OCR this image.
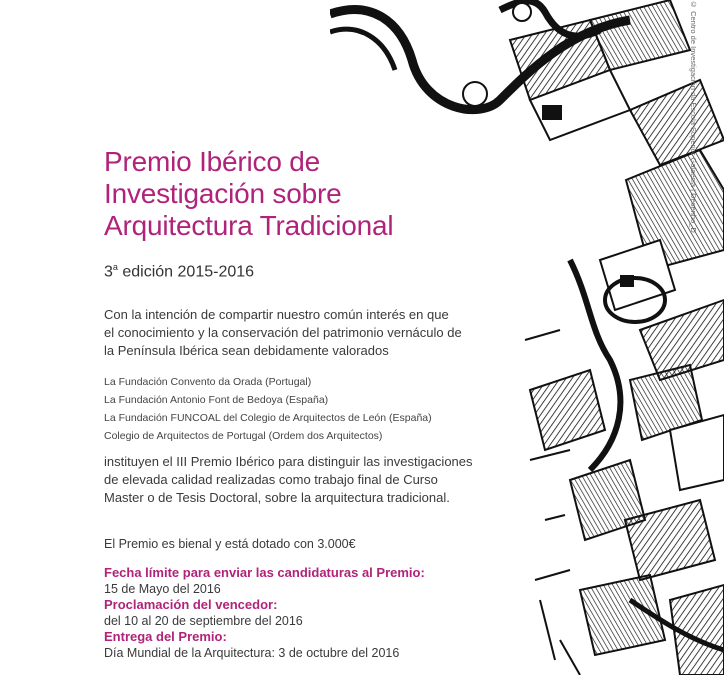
Premio Ibérico de
Investigación sobre
Arquitectura Tradicional
3$^a$ edición 2015-2016
Con la intención de compartir nuestro común interés en que
el conocimiento y la conservación del patrimonio vernáculo de
la Península Ibérica sean debidamente valorados
La Fundación Convento da Orada (Portugal)
La Fundación Antonio Font de Bedoya (España)
La Fundación FUNCOAL del Colegio de Arquitectos de León (España)
Colegio de Arquitectos de Portugal (Ordem dos Arquitectos)
instituyen el III Premio Ibérico para distinguir las investigaciones
de elevada calidad realizadas como trabajo final de Curso
Master o de Tesis Doctoral, sobre la arquitectura tradicional.
El Premio es bienal y está dotado con 3.000€
Fecha límite para enviar las candidaturas al Premio:
15 de Mayo del 2016
Proclamación del vencedor:
del 10 al 20 de septiembre del 2016
Entrega del Premio:
Día Mundial de la Arquitectura: 3 de octubre del 2016
© Centro de Investigación da Escola Superior Galaecia | Desenho_D
